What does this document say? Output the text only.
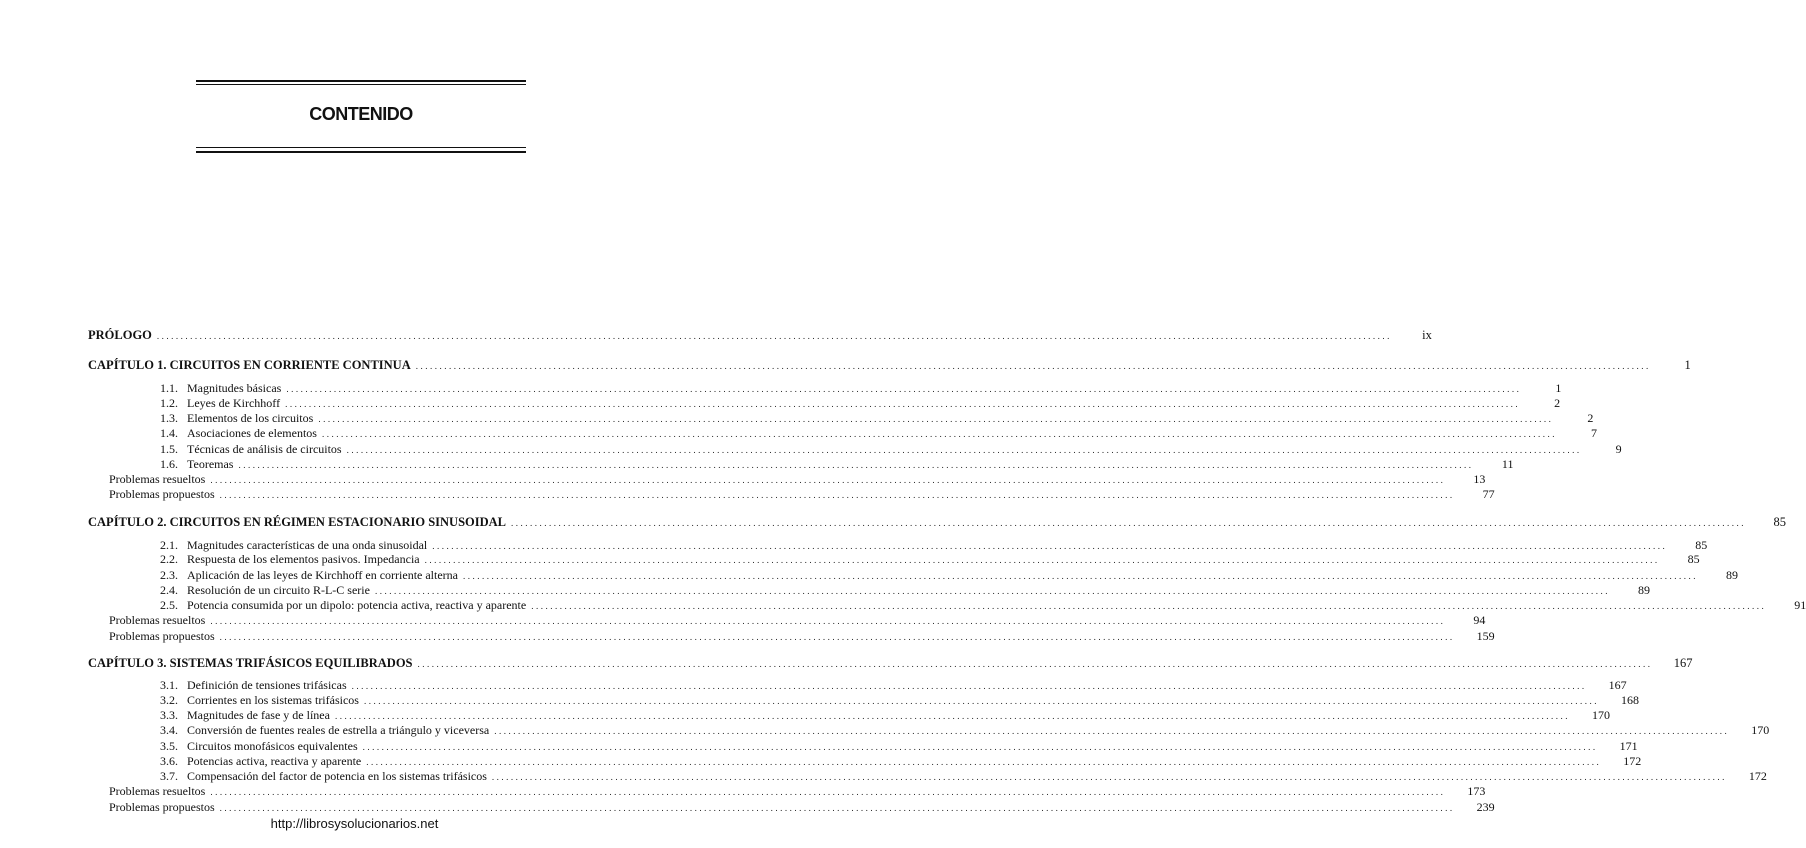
CONTENIDO
PRÓLOGO ....................................................................................................................................................................................................................................................................	ix
CAPÍTULO 1. CIRCUITOS EN CORRIENTE CONTINUA ....................................................................................................................................................................................................................................................................	1
1.1. Magnitudes básicas ....................................................................................................................................................................................................................................................................	1
1.2. Leyes de Kirchhoff ....................................................................................................................................................................................................................................................................	2
1.3. Elementos de los circuitos ....................................................................................................................................................................................................................................................................	2
1.4. Asociaciones de elementos ....................................................................................................................................................................................................................................................................	7
1.5. Técnicas de análisis de circuitos ....................................................................................................................................................................................................................................................................	9
1.6. Teoremas ....................................................................................................................................................................................................................................................................	11
Problemas resueltos ....................................................................................................................................................................................................................................................................	13
Problemas propuestos ....................................................................................................................................................................................................................................................................	77
CAPÍTULO 2. CIRCUITOS EN RÉGIMEN ESTACIONARIO SINUSOIDAL ....................................................................................................................................................................................................................................................................	85
2.1. Magnitudes características de una onda sinusoidal ....................................................................................................................................................................................................................................................................	85
2.2. Respuesta de los elementos pasivos. Impedancia ....................................................................................................................................................................................................................................................................	85
2.3. Aplicación de las leyes de Kirchhoff en corriente alterna ....................................................................................................................................................................................................................................................................	89
2.4. Resolución de un circuito R-L-C serie ....................................................................................................................................................................................................................................................................	89
2.5. Potencia consumida por un dipolo: potencia activa, reactiva y aparente ....................................................................................................................................................................................................................................................................	91
Problemas resueltos ....................................................................................................................................................................................................................................................................	94
Problemas propuestos ....................................................................................................................................................................................................................................................................	159
CAPÍTULO 3. SISTEMAS TRIFÁSICOS EQUILIBRADOS ....................................................................................................................................................................................................................................................................	167
3.1. Definición de tensiones trifásicas ....................................................................................................................................................................................................................................................................	167
3.2. Corrientes en los sistemas trifásicos ....................................................................................................................................................................................................................................................................	168
3.3. Magnitudes de fase y de línea ....................................................................................................................................................................................................................................................................	170
3.4. Conversión de fuentes reales de estrella a triángulo y viceversa ....................................................................................................................................................................................................................................................................	170
3.5. Circuitos monofásicos equivalentes ....................................................................................................................................................................................................................................................................	171
3.6. Potencias activa, reactiva y aparente ....................................................................................................................................................................................................................................................................	172
3.7. Compensación del factor de potencia en los sistemas trifásicos ....................................................................................................................................................................................................................................................................	172
Problemas resueltos ....................................................................................................................................................................................................................................................................	173
Problemas propuestos ....................................................................................................................................................................................................................................................................	239
http://librosysolucionarios.net
